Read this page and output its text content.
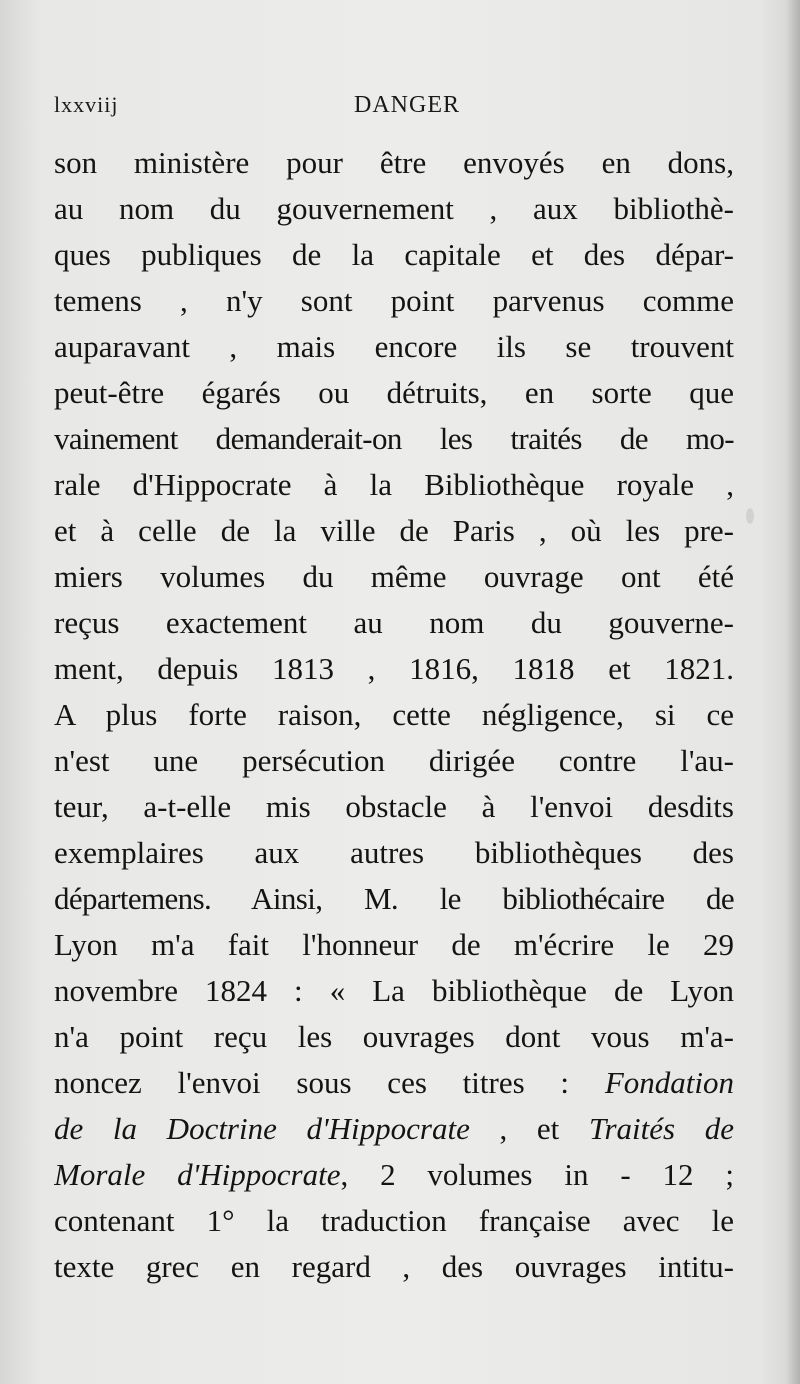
lxxviij	DANGER
son ministère pour être envoyés en dons,
au nom du gouvernement , aux bibliothè-
ques publiques de la capitale et des dépar-
temens , n'y sont point parvenus comme
auparavant , mais encore ils se trouvent
peut-être égarés ou détruits, en sorte que
vainement demanderait-on les traités de mo-
rale d'Hippocrate à la Bibliothèque royale ,
et à celle de la ville de Paris , où les pre-
miers volumes du même ouvrage ont été
reçus exactement au nom du gouverne-
ment, depuis 1813 , 1816, 1818 et 1821.
A plus forte raison, cette négligence, si ce
n'est une persécution dirigée contre l'au-
teur, a-t-elle mis obstacle à l'envoi desdits
exemplaires aux autres bibliothèques des
départemens. Ainsi, M. le bibliothécaire de
Lyon m'a fait l'honneur de m'écrire le 29
novembre 1824 : « La bibliothèque de Lyon
n'a point reçu les ouvrages dont vous m'a-
noncez l'envoi sous ces titres : Fondation
de la Doctrine d'Hippocrate , et Traités de
Morale d'Hippocrate, 2 volumes in - 12 ;
contenant 1° la traduction française avec le
texte grec en regard , des ouvrages intitu-
